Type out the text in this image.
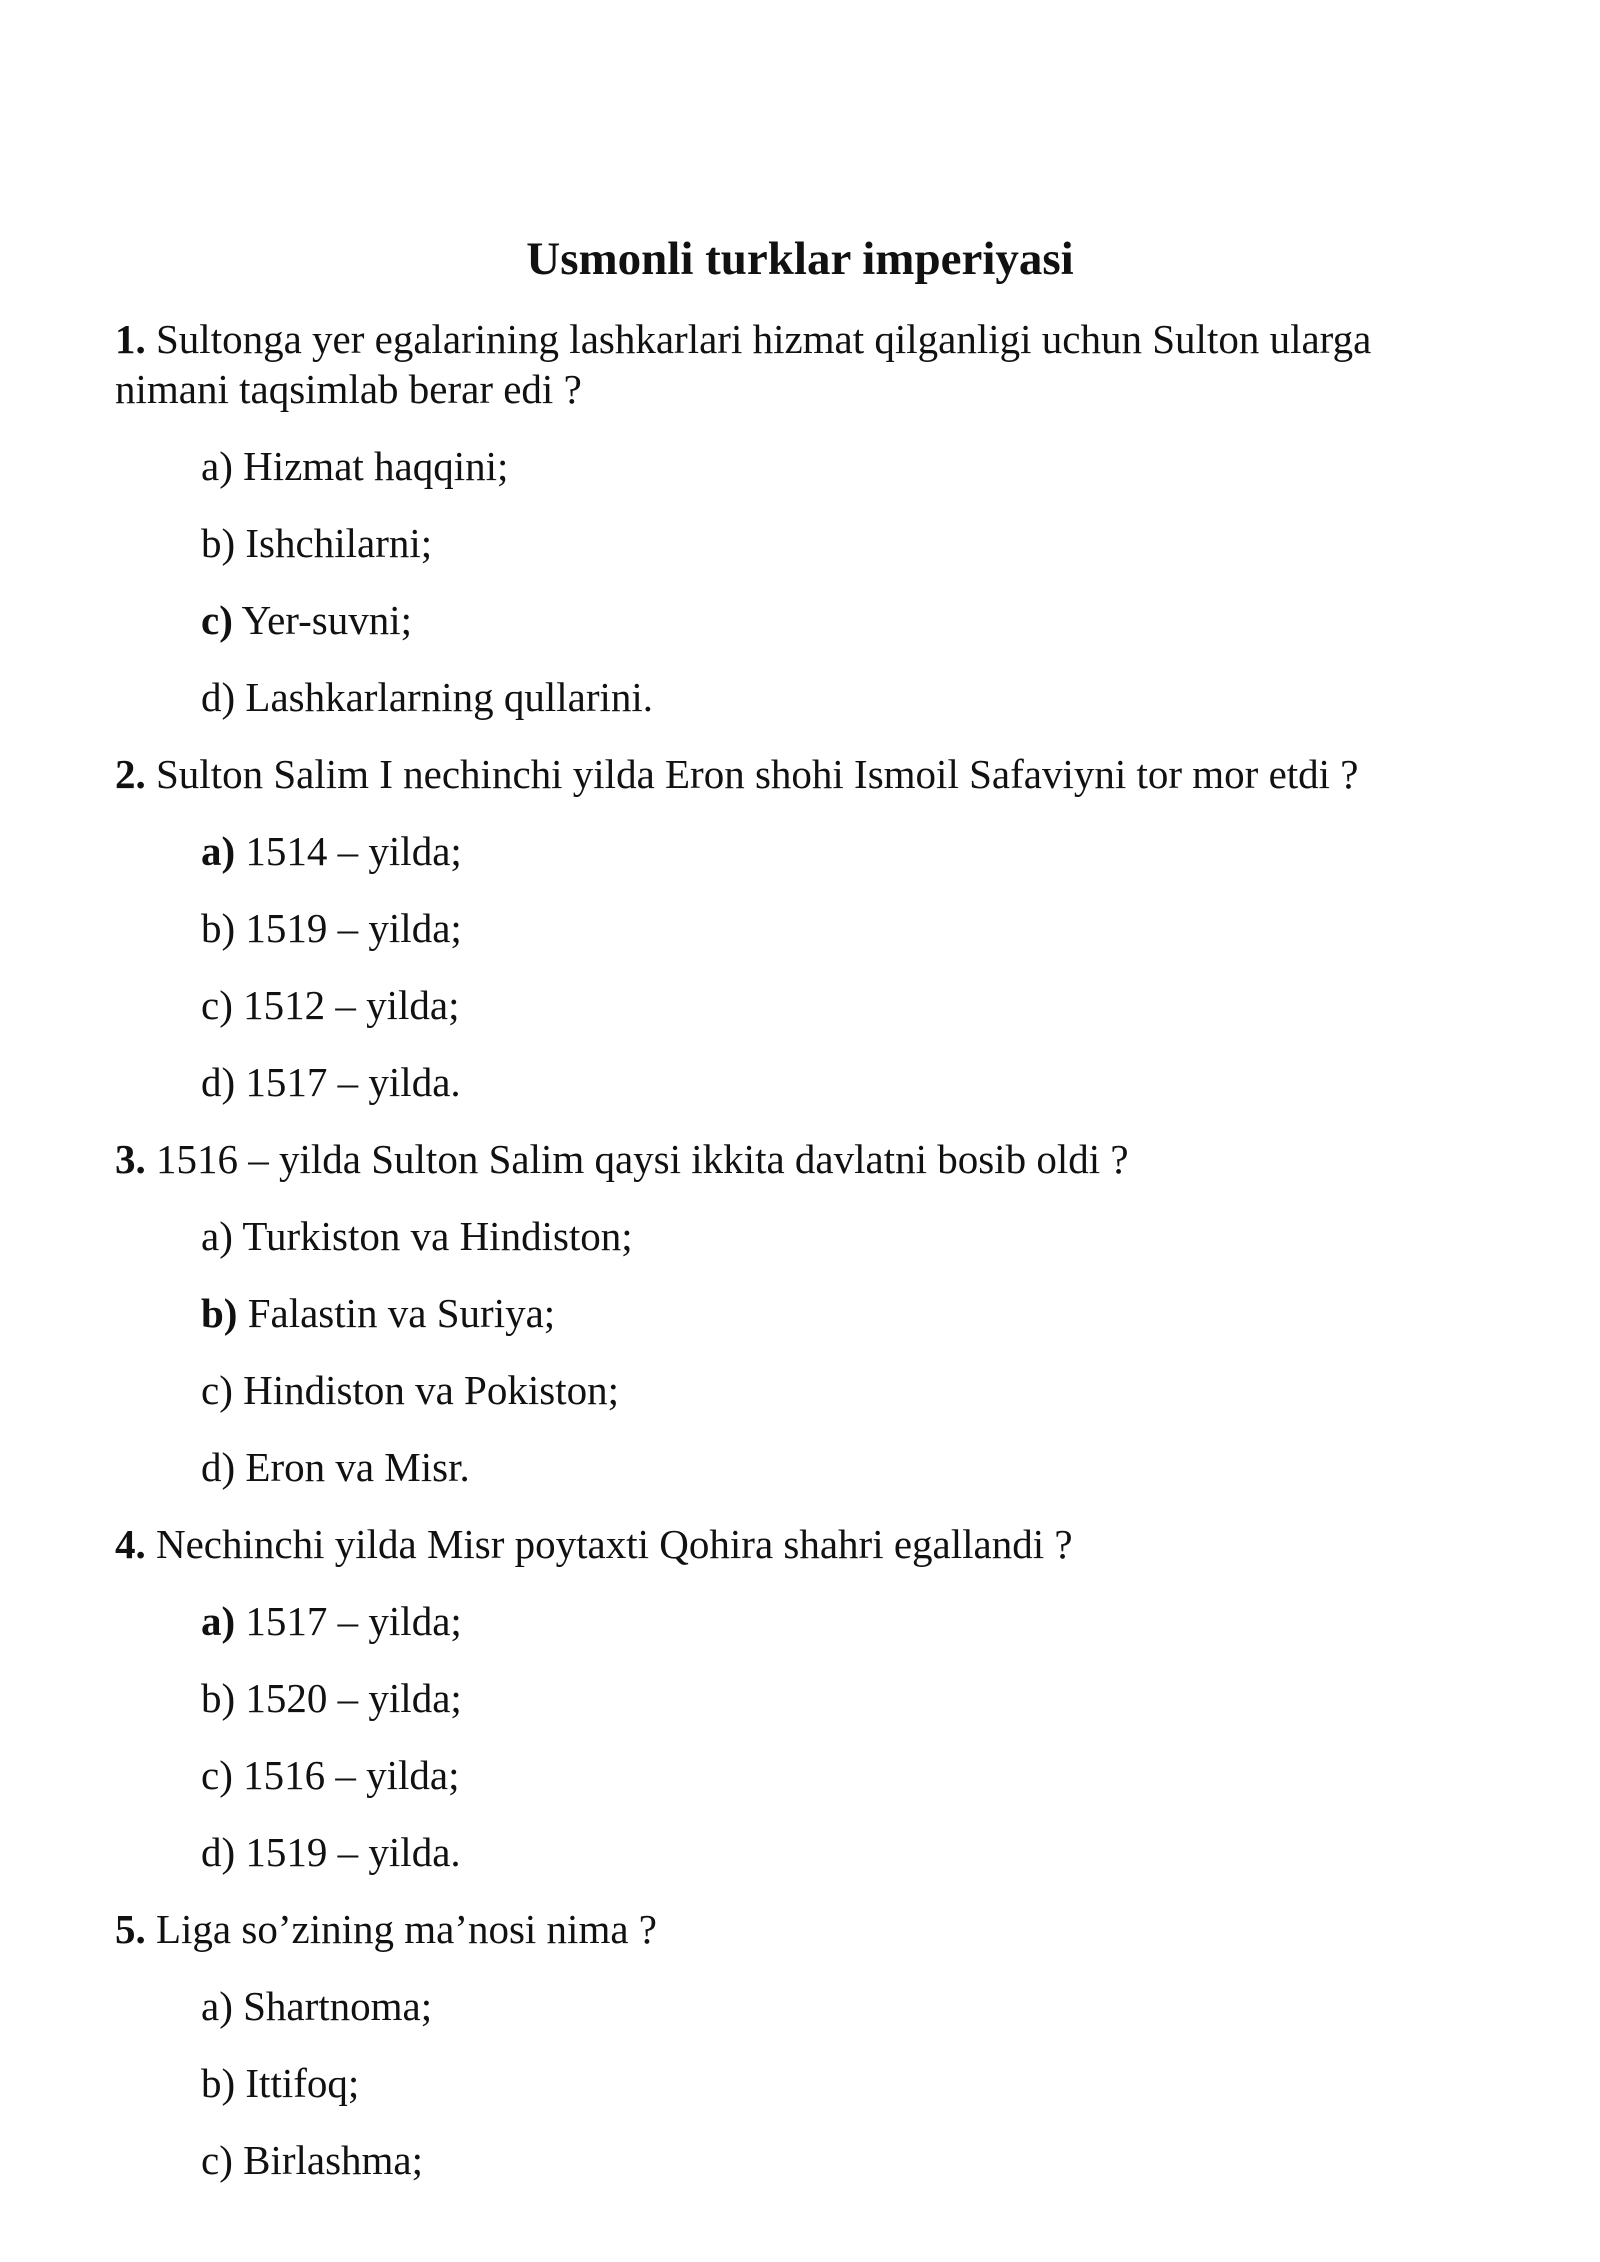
Usmonli turklar imperiyasi

1. Sultonga yer egalarining lashkarlari hizmat qilganligi uchun Sulton ularga nimani taqsimlab berar edi ?

a) Hizmat haqqini;

b) Ishchilarni;

c) Yer-suvni;

d) Lashkarlarning qullarini.

2. Sulton Salim I nechinchi yilda Eron shohi Ismoil Safaviyni tor mor etdi ?

a) 1514 – yilda;

b) 1519 – yilda;

c) 1512 – yilda;

d) 1517 – yilda.

3. 1516 – yilda Sulton Salim qaysi ikkita davlatni bosib oldi ?

a) Turkiston va Hindiston;

b) Falastin va Suriya;

c) Hindiston va Pokiston;

d) Eron va Misr.

4. Nechinchi yilda Misr poytaxti Qohira shahri egallandi ?

a) 1517 – yilda;

b) 1520 – yilda;

c) 1516 – yilda;

d) 1519 – yilda.

5. Liga so’zining ma’nosi nima ?

a) Shartnoma;

b) Ittifoq;

c) Birlashma;
